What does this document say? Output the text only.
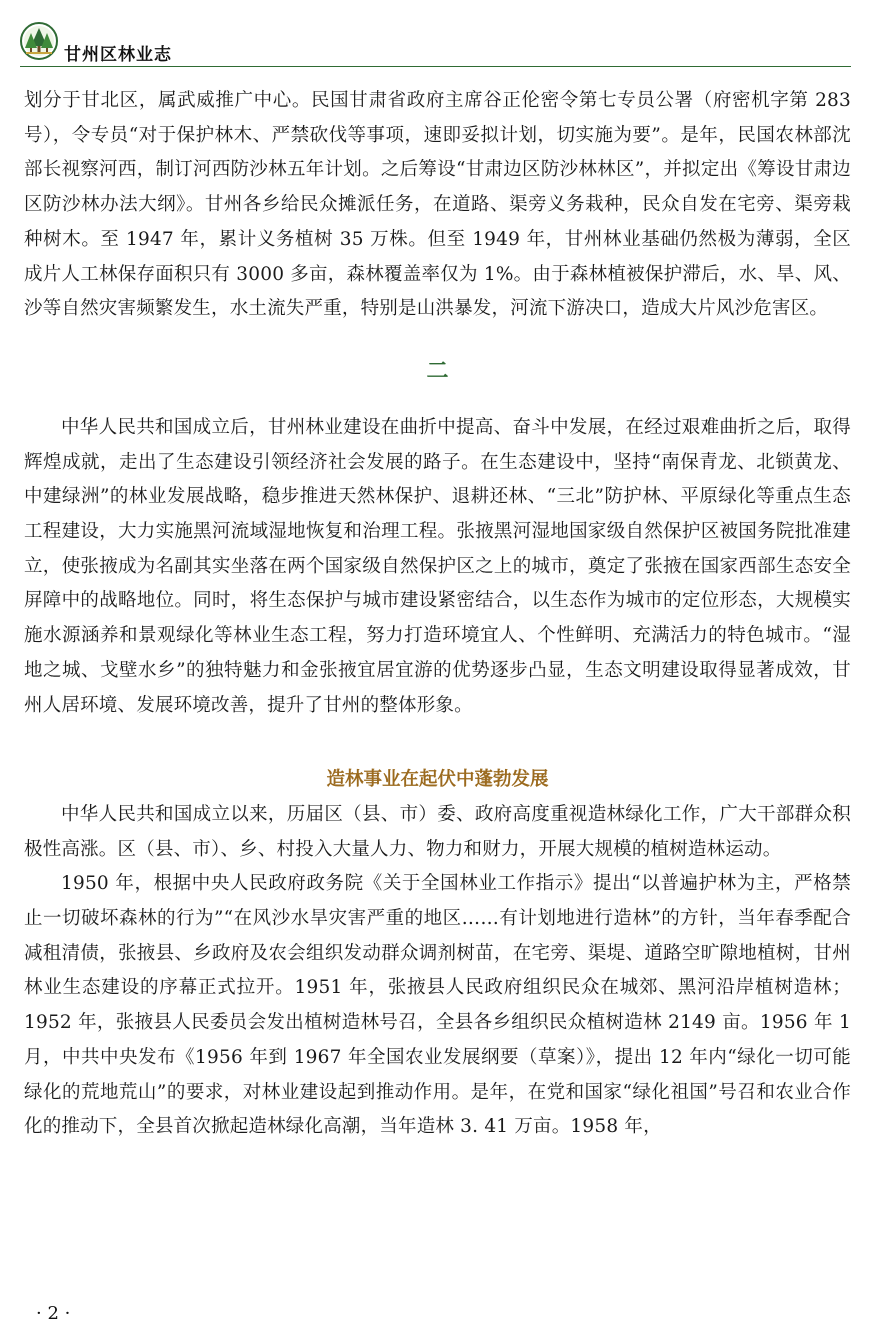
甘州区林业志

划分于甘北区，属武威推广中心。民国甘肃省政府主席谷正伦密令第七专员公署（府密机字第 283 号），令专员“对于保护林木、严禁砍伐等事项，速即妥拟计划，切实施为要”。是年，民国农林部沈部长视察河西，制订河西防沙林五年计划。之后筹设“甘肃边区防沙林林区”，并拟定出《筹设甘肃边区防沙林办法大纲》。甘州各乡给民众摊派任务，在道路、渠旁义务栽种，民众自发在宅旁、渠旁栽种树木。至 1947 年，累计义务植树 35 万株。但至 1949 年，甘州林业基础仍然极为薄弱，全区成片人工林保存面积只有 3000 多亩，森林覆盖率仅为 1%。由于森林植被保护滞后，水、旱、风、沙等自然灾害频繁发生，水土流失严重，特别是山洪暴发，河流下游决口，造成大片风沙危害区。

二

中华人民共和国成立后，甘州林业建设在曲折中提高、奋斗中发展，在经过艰难曲折之后，取得辉煌成就，走出了生态建设引领经济社会发展的路子。在生态建设中，坚持“南保青龙、北锁黄龙、中建绿洲”的林业发展战略，稳步推进天然林保护、退耕还林、“三北”防护林、平原绿化等重点生态工程建设，大力实施黑河流域湿地恢复和治理工程。张掖黑河湿地国家级自然保护区被国务院批准建立，使张掖成为名副其实坐落在两个国家级自然保护区之上的城市，奠定了张掖在国家西部生态安全屏障中的战略地位。同时，将生态保护与城市建设紧密结合，以生态作为城市的定位形态，大规模实施水源涵养和景观绿化等林业生态工程，努力打造环境宜人、个性鲜明、充满活力的特色城市。“湿地之城、戈壁水乡”的独特魅力和金张掖宜居宜游的优势逐步凸显，生态文明建设取得显著成效，甘州人居环境、发展环境改善，提升了甘州的整体形象。

造林事业在起伏中蓬勃发展

中华人民共和国成立以来，历届区（县、市）委、政府高度重视造林绿化工作，广大干部群众积极性高涨。区（县、市）、乡、村投入大量人力、物力和财力，开展大规模的植树造林运动。

1950 年，根据中央人民政府政务院《关于全国林业工作指示》提出“以普遍护林为主，严格禁止一切破坏森林的行为”“在风沙水旱灾害严重的地区……有计划地进行造林”的方针，当年春季配合减租清债，张掖县、乡政府及农会组织发动群众调剂树苗，在宅旁、渠堤、道路空旷隙地植树，甘州林业生态建设的序幕正式拉开。1951 年，张掖县人民政府组织民众在城郊、黑河沿岸植树造林；1952 年，张掖县人民委员会发出植树造林号召，全县各乡组织民众植树造林 2149 亩。1956 年 1 月，中共中央发布《1956 年到 1967 年全国农业发展纲要（草案）》，提出 12 年内“绿化一切可能绿化的荒地荒山”的要求，对林业建设起到推动作用。是年，在党和国家“绿化祖国”号召和农业合作化的推动下，全县首次掀起造林绿化高潮，当年造林 3. 41 万亩。1958 年，

· 2 ·
